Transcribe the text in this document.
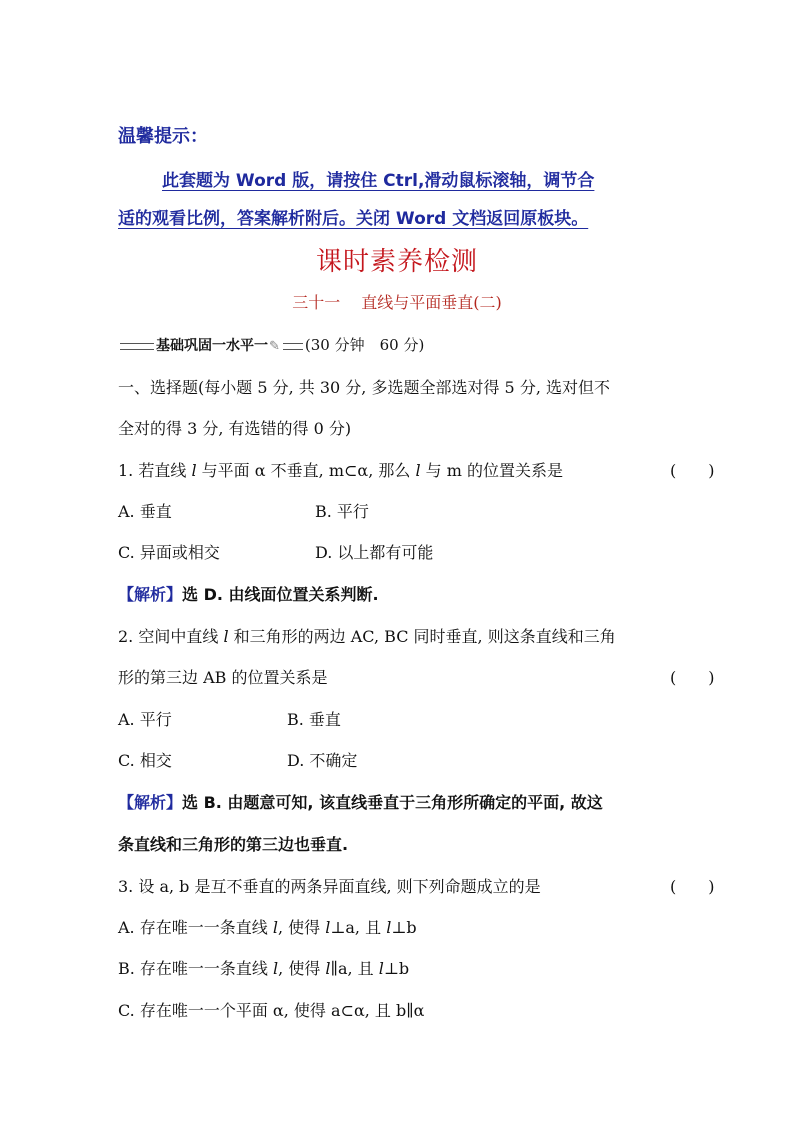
温馨提示：
此套题为 Word 版，请按住 Ctrl,滑动鼠标滚轴，调节合
适的观看比例，答案解析附后。关闭 Word 文档返回原板块。
课时素养检测
三十一　 直线与平面垂直(二)
基础巩固一水平一✎ (30 分钟　60 分)
一、选择题(每小题 5 分, 共 30 分, 多选题全部选对得 5 分, 选对但不
全对的得 3 分, 有选错的得 0 分)
1. 若直线 l 与平面 α 不垂直, m⊂α, 那么 l 与 m 的位置关系是	(　　)
A. 垂直	B. 平行
C. 异面或相交	D. 以上都有可能
【解析】选 D. 由线面位置关系判断.
2. 空间中直线 l 和三角形的两边 AC, BC 同时垂直, 则这条直线和三角
形的第三边 AB 的位置关系是	(　　)
A. 平行	B. 垂直
C. 相交	D. 不确定
【解析】选 B. 由题意可知, 该直线垂直于三角形所确定的平面, 故这
条直线和三角形的第三边也垂直.
3. 设 a, b 是互不垂直的两条异面直线, 则下列命题成立的是	(　　)
A. 存在唯一一条直线 l, 使得 l⊥a, 且 l⊥b
B. 存在唯一一条直线 l, 使得 l∥a, 且 l⊥b
C. 存在唯一一个平面 α, 使得 a⊂α, 且 b∥α
